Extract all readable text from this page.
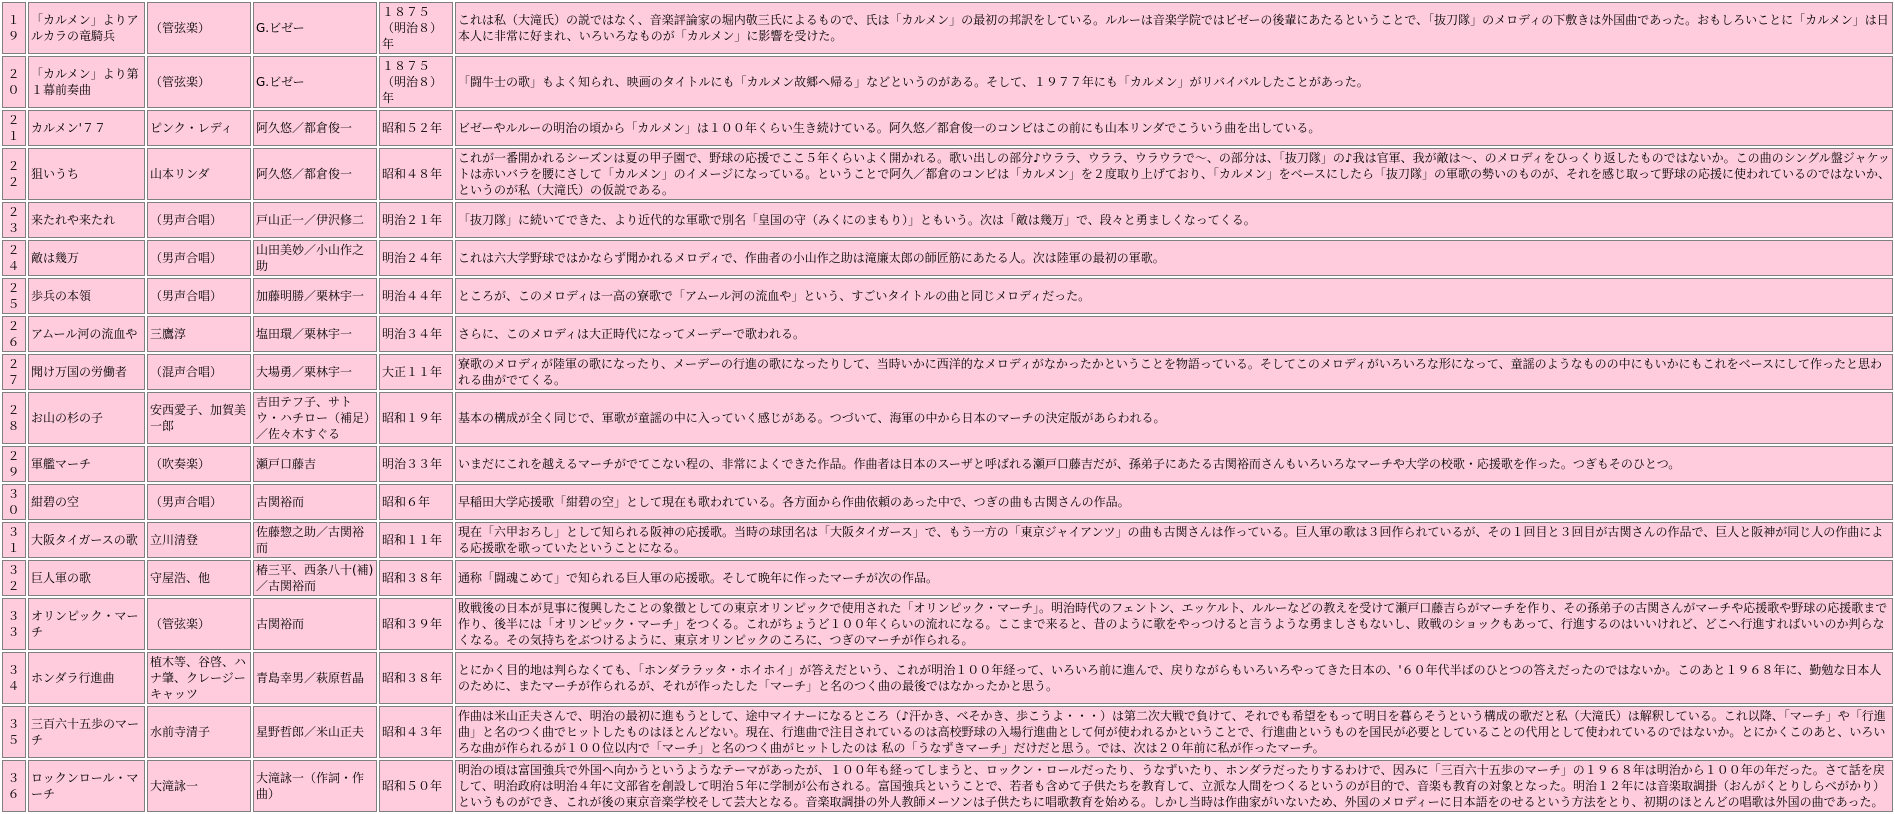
１９	「カルメン」よりアルカラの竜騎兵	（管弦楽）	G.ビゼー	１８７５（明治８）年	これは私（大滝氏）の説ではなく、音楽評論家の堀内敬三氏によるもので、氏は「カルメン」の最初の邦訳をしている。ルルーは音楽学院ではビゼーの後輩にあたるということで、「抜刀隊」のメロディの下敷きは外国曲であった。おもしろいことに「カルメン」は日本人に非常に好まれ、いろいろなものが「カルメン」に影響を受けた。
２０	「カルメン」より第１幕前奏曲	（管弦楽）	G.ビゼー	１８７５（明治８）年	「闘牛士の歌」もよく知られ、映画のタイトルにも「カルメン故郷へ帰る」などというのがある。そして、１９７７年にも「カルメン」がリバイバルしたことがあった。
２１	カルメン'７７	ピンク・レディ	阿久悠／都倉俊一	昭和５２年	ビゼーやルルーの明治の頃から「カルメン」は１００年くらい生き続けている。阿久悠／都倉俊一のコンビはこの前にも山本リンダでこういう曲を出している。
２２	狙いうち	山本リンダ	阿久悠／都倉俊一	昭和４８年	これが一番開かれるシーズンは夏の甲子園で、野球の応援でここ５年くらいよく開かれる。歌い出しの部分♪ウララ、ウララ、ウラウラで～、の部分は、「抜刀隊」の♪我は官軍、我が敵は～、のメロディをひっくり返したものではないか。この曲のシングル盤ジャケットは赤いバラを腰にさして「カルメン」のイメージになっている。ということで阿久／都倉のコンビは「カルメン」を２度取り上げており、「カルメン」をベースにしたら「抜刀隊」の軍歌の勢いのものが、それを感じ取って野球の応援に使われているのではないか、というのが私（大滝氏）の仮説である。
２３	来たれや来たれ	（男声合唱）	戸山正一／伊沢修二	明治２１年	「抜刀隊」に続いてできた、より近代的な軍歌で別名「皇国の守（みくにのまもり）」ともいう。次は「敵は幾万」で、段々と勇ましくなってくる。
２４	敵は幾万	（男声合唱）	山田美妙／小山作之助	明治２４年	これは六大学野球ではかならず聞かれるメロディで、作曲者の小山作之助は滝廉太郎の師匠筋にあたる人。次は陸軍の最初の軍歌。
２５	歩兵の本領	（男声合唱）	加藤明勝／栗林宇一	明治４４年	ところが、このメロディは一高の寮歌で「アムール河の流血や」という、すごいタイトルの曲と同じメロディだった。
２６	アムール河の流血や	三鷹淳	塩田環／栗林宇一	明治３４年	さらに、このメロディは大正時代になってメーデーで歌われる。
２７	聞け万国の労働者	（混声合唱）	大場勇／栗林宇一	大正１１年	寮歌のメロディが陸軍の歌になったり、メーデーの行進の歌になったりして、当時いかに西洋的なメロディがなかったかということを物語っている。そしてこのメロディがいろいろな形になって、童謡のようなものの中にもいかにもこれをベースにして作ったと思われる曲がでてくる。
２８	お山の杉の子	安西愛子、加賀美一郎	吉田テフ子、サトウ・ハチロー（補足）／佐々木すぐる	昭和１９年	基本の構成が全く同じで、軍歌が童謡の中に入っていく感じがある。つづいて、海軍の中から日本のマーチの決定版があらわれる。
２９	軍艦マーチ	（吹奏楽）	瀬戸口藤吉	明治３３年	いまだにこれを越えるマーチがでてこない程の、非常によくできた作品。作曲者は日本のスーザと呼ばれる瀬戸口藤吉だが、孫弟子にあたる古関裕而さんもいろいろなマーチや大学の校歌・応援歌を作った。つぎもそのひとつ。
３０	紺碧の空	（男声合唱）	古関裕而	昭和６年	早稲田大学応援歌「紺碧の空」として現在も歌われている。各方面から作曲依頼のあった中で、つぎの曲も古関さんの作品。
３１	大阪タイガースの歌	立川清登	佐藤惣之助／古関裕而	昭和１１年	現在「六甲おろし」として知られる阪神の応援歌。当時の球団名は「大阪タイガース」で、もう一方の「東京ジャイアンツ」の曲も古関さんは作っている。巨人軍の歌は３回作られているが、その１回目と３回目が古関さんの作品で、巨人と阪神が同じ人の作曲による応援歌を歌っていたということになる。
３２	巨人軍の歌	守屋浩、他	椿三平、西条八十(補)／古関裕而	昭和３８年	通称「闘魂こめて」で知られる巨人軍の応援歌。そして晩年に作ったマーチが次の作品。
３３	オリンピック・マーチ	（管弦楽）	古関裕而	昭和３９年	敗戦後の日本が見事に復興したことの象徴としての東京オリンピックで使用された「オリンピック・マーチ」。明治時代のフェントン、エッケルト、ルルーなどの教えを受けて瀬戸口藤吉らがマーチを作り、その孫弟子の古関さんがマーチや応援歌や野球の応援歌まで作り、後半には「オリンピック・マーチ」をつくる。これがちょうど１００年くらいの流れになる。ここまで来ると、昔のように歌をやっつけると言うような勇ましさもないし、敗戦のショックもあって、行進するのはいいけれど、どこへ行進すればいいのか判らなくなる。その気持ちをぶつけるように、東京オリンピックのころに、つぎのマーチが作られる。
３４	ホンダラ行進曲	植木等、谷啓、ハナ肇、クレージーキャッツ	青島幸男／萩原哲晶	昭和３８年	とにかく目的地は判らなくても、「ホンダララッタ・ホイホイ」が答えだという、これが明治１００年経って、いろいろ前に進んで、戻りながらもいろいろやってきた日本の、'６０年代半ばのひとつの答えだったのではないか。このあと１９６８年に、勤勉な日本人のために、またマーチが作られるが、それが作ったした「マーチ」と名のつく曲の最後ではなかったかと思う。
３５	三百六十五歩のマーチ	水前寺清子	星野哲郎／米山正夫	昭和４３年	作曲は米山正夫さんで、明治の最初に進もうとして、途中マイナーになるところ（♪汗かき、べそかき、歩こうよ・・・）は第二次大戦で負けて、それでも希望をもって明日を暮らそうという構成の歌だと私（大滝氏）は解釈している。これ以降、「マーチ」や「行進曲」と名のつく曲でヒットしたものはほとんどない。現在、行進曲で注目されているのは高校野球の入場行進曲として何が使われるかということで、行進曲というものを国民が必要としていることの代用として使われているのではないか。とにかくこのあと、いろいろな曲が作られるが１００位以内で「マーチ」と名のつく曲がヒットしたのは 私の「うなずきマーチ」だけだと思う。では、次は２０年前に私が作ったマーチ。
３６	ロックンロール・マーチ	大滝詠一	大滝詠一（作詞・作曲）	昭和５０年	明治の頃は富国強兵で外国へ向かうというようなテーマがあったが、１００年も経ってしまうと、ロックン・ロールだったり、うなずいたり、ホンダラだったりするわけで、因みに「三百六十五歩のマーチ」の１９６８年は明治から１００年の年だった。さて話を戻して、明治政府は明治４年に文部省を創設して明治５年に学制が公布される。富国強兵ということで、若者も含めて子供たちを教育して、立派な人間をつくるというのが目的で、音楽も教育の対象となった。明治１２年には音楽取調掛（おんがくとりしらべがかり）というものができ、これが後の東京音楽学校そして芸大となる。音楽取調掛の外人教師メーソンは子供たちに唱歌教育を始める。しかし当時は作曲家がいないため、外国のメロディーに日本語をのせるという方法をとり、初期のほとんどの唱歌は外国の曲であった。
